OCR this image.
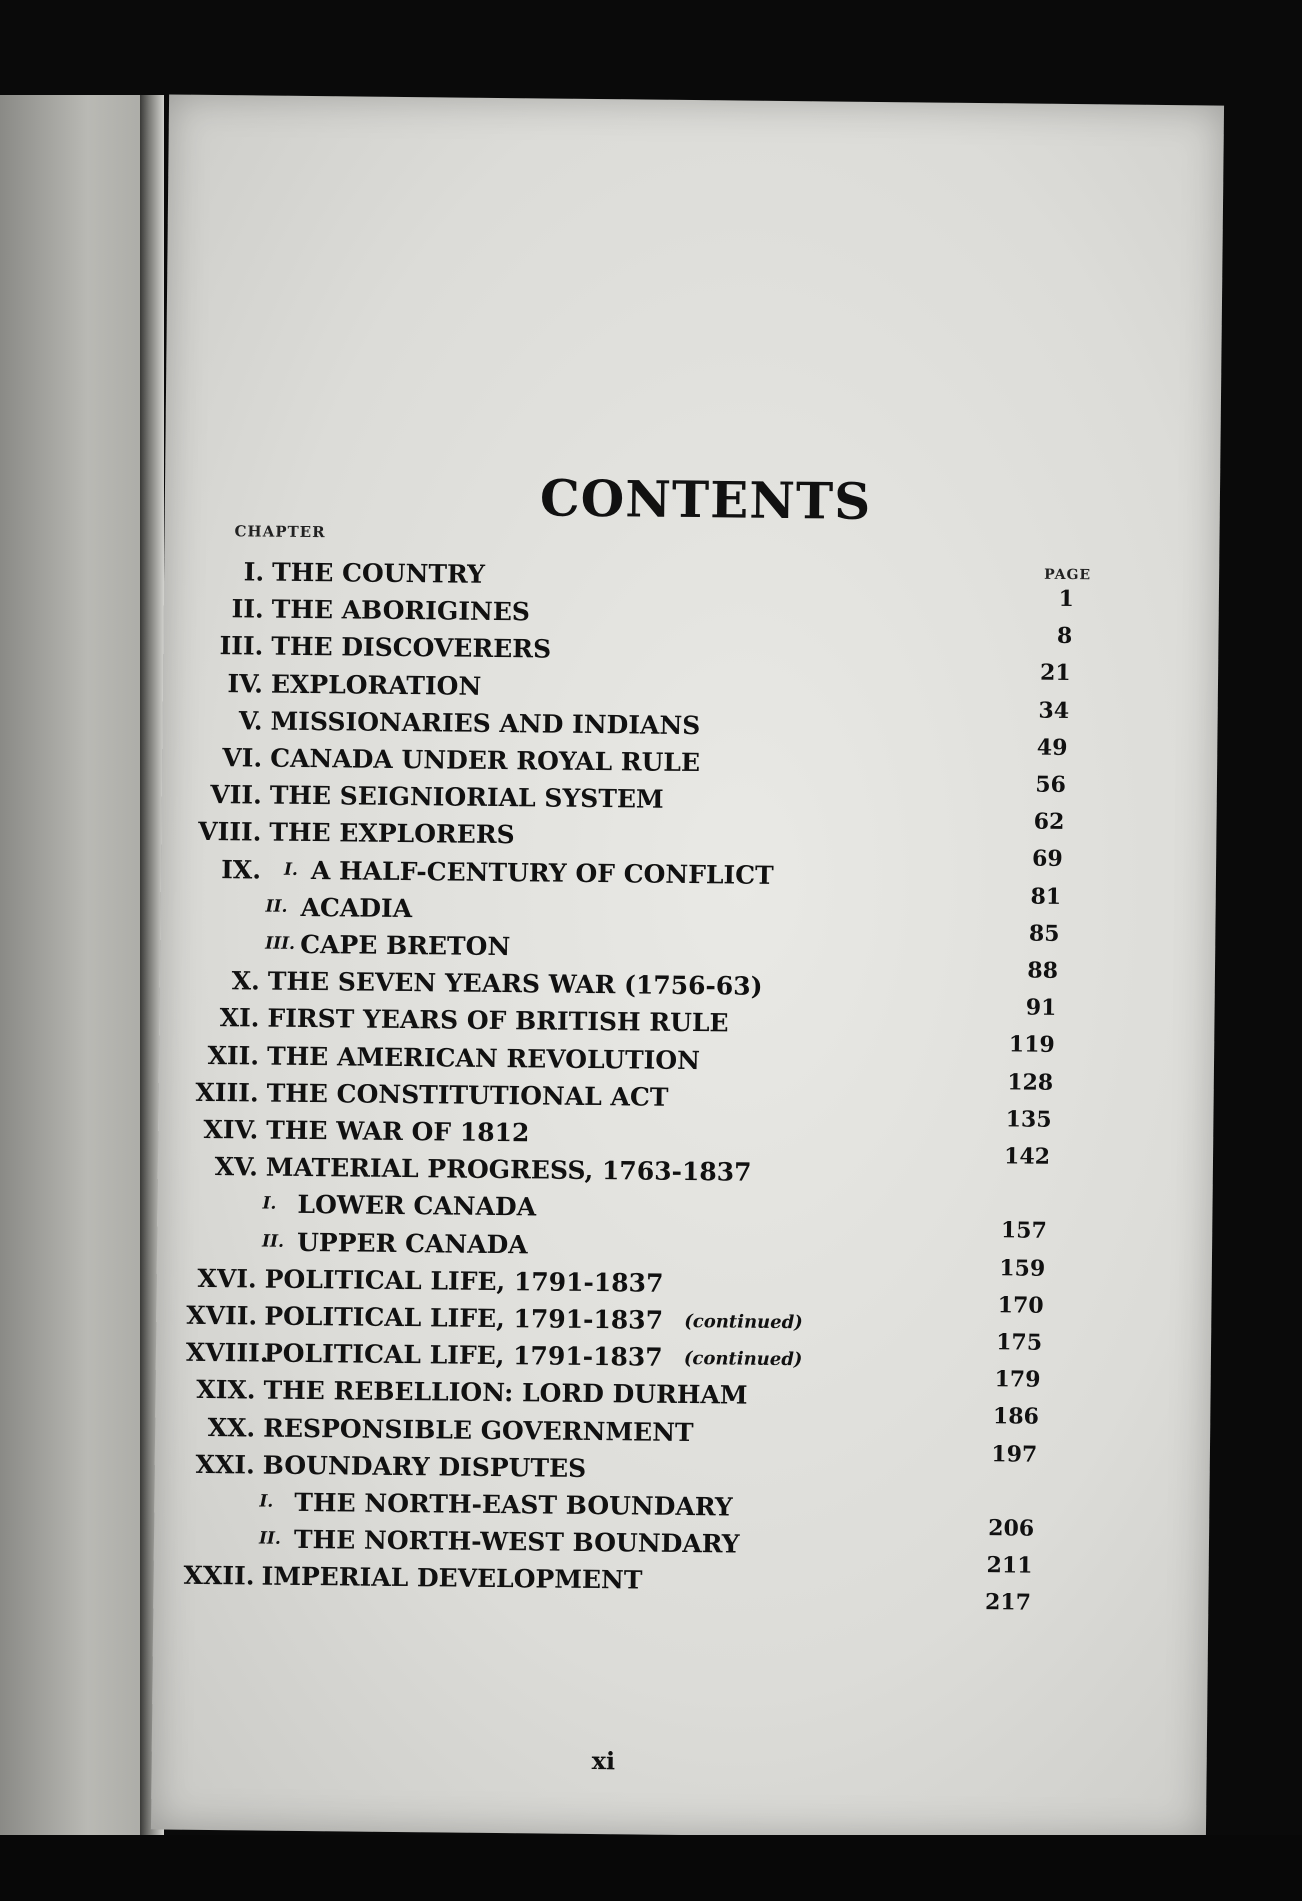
CONTENTS
CHAPTER
PAGE
I. THE COUNTRY
1
II. THE ABORIGINES
8
III. THE DISCOVERERS
21
IV. EXPLORATION
34
V. MISSIONARIES AND INDIANS
49
VI. CANADA UNDER ROYAL RULE
56
VII. THE SEIGNIORIAL SYSTEM
62
VIII. THE EXPLORERS
69
IX. I. A HALF-CENTURY OF CONFLICT
81
II. ACADIA
85
III. CAPE BRETON
88
X. THE SEVEN YEARS WAR (1756-63)
91
XI. FIRST YEARS OF BRITISH RULE
119
XII. THE AMERICAN REVOLUTION
128
XIII. THE CONSTITUTIONAL ACT
135
XIV. THE WAR OF 1812
142
XV. MATERIAL PROGRESS, 1763-1837
I. LOWER CANADA
157
II. UPPER CANADA
159
XVI. POLITICAL LIFE, 1791-1837
170
XVII. POLITICAL LIFE, 1791-1837 (continued)
175
XVIII.
POLITICAL LIFE, 1791-1837 (continued)
179
XIX. THE REBELLION: LORD DURHAM
186
XX. RESPONSIBLE GOVERNMENT
197
XXI. BOUNDARY DISPUTES
I. THE NORTH-EAST BOUNDARY
206
II. THE NORTH-WEST BOUNDARY
211
XXII. IMPERIAL DEVELOPMENT
217
xi
